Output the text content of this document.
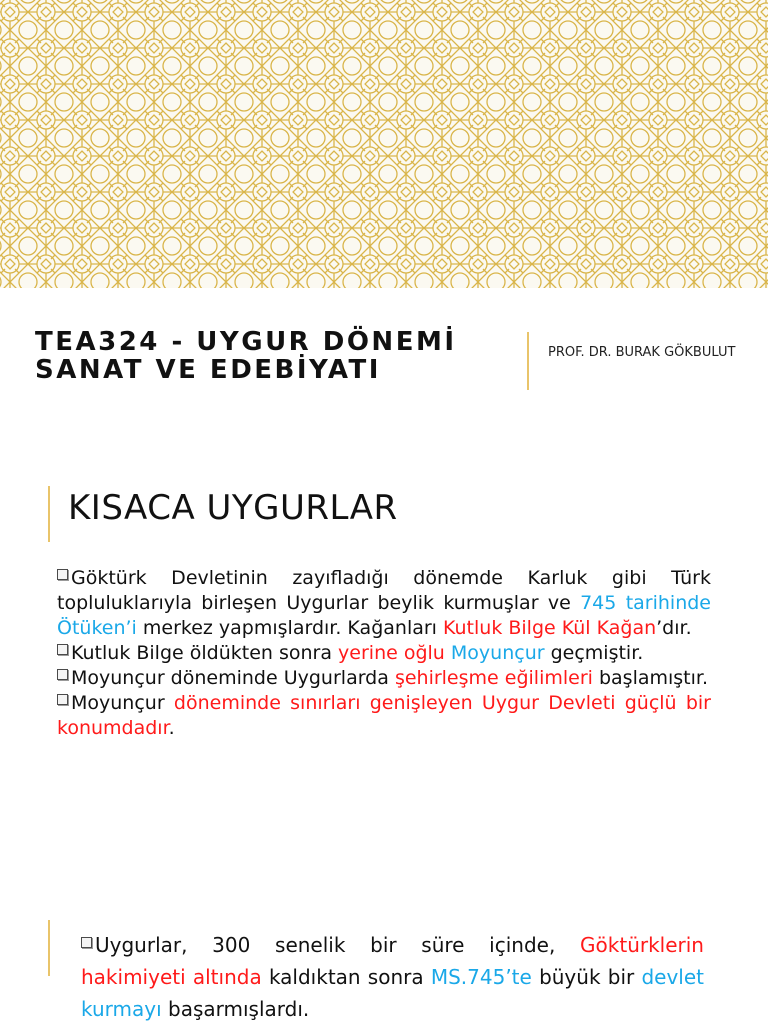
TEA324 - UYGUR DÖNEMİ SANAT VE EDEBİYATI
PROF. DR. BURAK GÖKBULUT
KISACA UYGURLAR

Göktürk Devletinin zayıfladığı dönemde Karluk gibi Türk topluluklarıyla birleşen Uygurlar beylik kurmuşlar ve 745 tarihinde Ötüken’i merkez yapmışlardır. Kağanları Kutluk Bilge Kül Kağan’dır.

Kutluk Bilge öldükten sonra yerine oğlu Moyunçur geçmiştir.

Moyunçur döneminde Uygurlarda şehirleşme eğilimleri başlamıştır.

Moyunçur döneminde sınırları genişleyen Uygur Devleti güçlü bir konumdadır.

Uygurlar, 300 senelik bir süre içinde, Göktürklerin hakimiyeti altında kaldıktan sonra MS.745’te büyük bir devlet kurmayı başarmışlardı.
